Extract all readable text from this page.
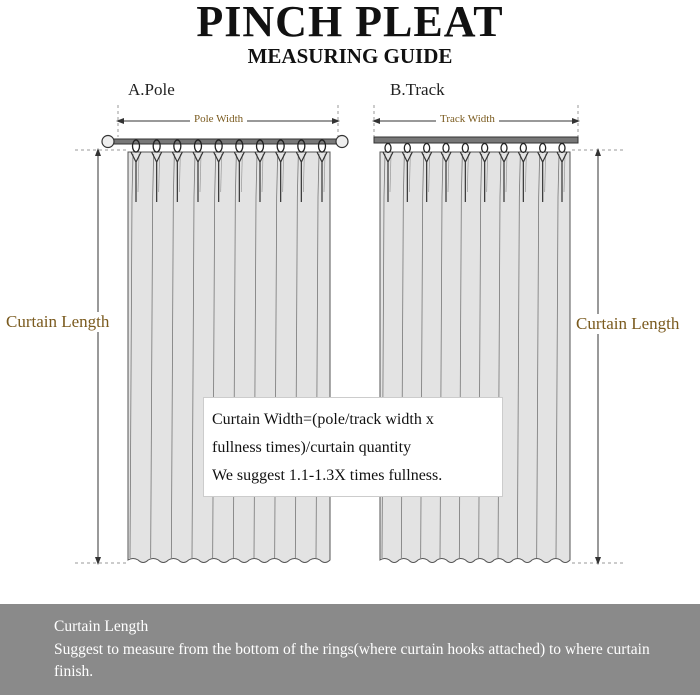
PINCH PLEAT
MEASURING GUIDE
A.Pole	B.Track
Pole Width	Track Width
Curtain Length	Curtain Length
Curtain Width=(pole/track width x
fullness times)/curtain quantity
We suggest 1.1-1.3X times fullness.
Curtain Length
Suggest to measure from the bottom of the rings(where curtain hooks attached) to where curtain finish.
